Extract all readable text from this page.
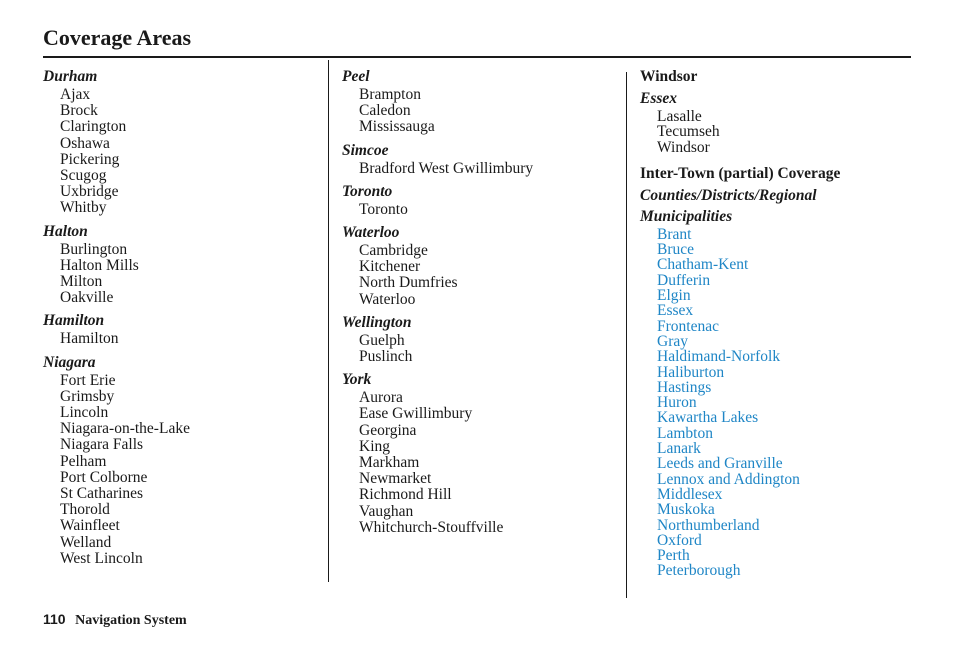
Coverage Areas
Durham
Ajax
Brock
Clarington
Oshawa
Pickering
Scugog
Uxbridge
Whitby
Halton
Burlington
Halton Mills
Milton
Oakville
Hamilton
Hamilton
Niagara
Fort Erie
Grimsby
Lincoln
Niagara-on-the-Lake
Niagara Falls
Pelham
Port Colborne
St Catharines
Thorold
Wainfleet
Welland
West Lincoln
Peel
Brampton
Caledon
Mississauga
Simcoe
Bradford West Gwillimbury
Toronto
Toronto
Waterloo
Cambridge
Kitchener
North Dumfries
Waterloo
Wellington
Guelph
Puslinch
York
Aurora
Ease Gwillimbury
Georgina
King
Markham
Newmarket
Richmond Hill
Vaughan
Whitchurch-Stouffville
Windsor
Essex
Lasalle
Tecumseh
Windsor
Inter-Town (partial) Coverage
Counties/Districts/Regional
Municipalities
Brant
Bruce
Chatham-Kent
Dufferin
Elgin
Essex
Frontenac
Gray
Haldimand-Norfolk
Haliburton
Hastings
Huron
Kawartha Lakes
Lambton
Lanark
Leeds and Granville
Lennox and Addington
Middlesex
Muskoka
Northumberland
Oxford
Perth
Peterborough
110 Navigation System
